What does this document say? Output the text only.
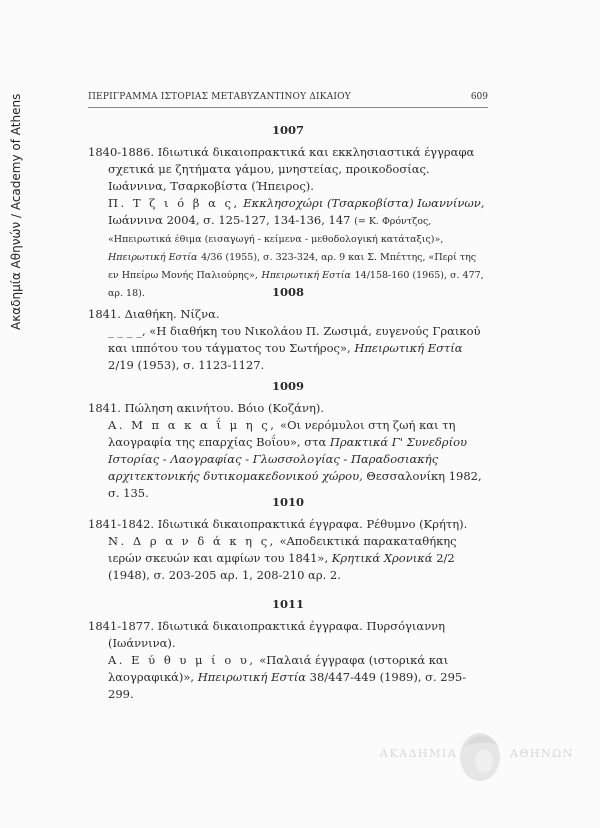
Ακαδημία Αθηνών / Academy of Athens	ΠΕΡΙΓΡΑΜΜΑ ΙΣΤΟΡΙΑΣ ΜΕΤΑΒΥΖΑΝΤΙΝΟΥ ΔΙΚΑΙΟΥ	609
1007
1840-1886. Ιδιωτικά δικαιοπρακτικά και εκκλησιαστικά έγγραφα σχετικά με ζητήματα γάμου, μνηστείας, προικοδοσίας. Ιωάννινα, Τσαρκοβίστα (Ήπειρος).
Π. Τ ζ ι ό β α ς, Εκκλησοχώρι (Τσαρκοβίστα) Ιωαννίνων, Ιωάννινα 2004, σ. 125-127, 134-136, 147 (= Κ. Φρόντζος, «Ηπειρωτικά έθιμα (εισαγωγή - κείμενα - μεθοδολογική κατάταξις)», Ηπειρωτική Εστία 4/36 (1955), σ. 323-324, αρ. 9 και Σ. Μπέττης, «Περί της εν Ηπείρω Μονής Παλιούρης», Ηπειρωτική Εστία 14/158-160 (1965), σ. 477, αρ. 18).	1008
1841. Διαθήκη. Νίζνα.
_ _ _ _, «Η διαθήκη του Νικολάου Π. Ζωσιμά, ευγενούς Γραικού και ιππότου του τάγματος του Σωτήρος», Ηπειρωτική Εστία 2/19 (1953), σ. 1123-1127.
1009
1841. Πώληση ακινήτου. Βόιο (Κοζάνη).
Α. Μ π α κ α ΐ μ η ς, «Οι νερόμυλοι στη ζωή και τη λαογραφία της επαρχίας Βοΐου», στα Πρακτικά Γ' Συνεδρίου Ιστορίας - Λαογραφίας - Γλωσσολογίας - Παραδοσιακής αρχιτεκτονικής δυτικομακεδονικού χώρου, Θεσσαλονίκη 1982, σ. 135.
1010
1841-1842. Ιδιωτικά δικαιοπρακτικά έγγραφα. Ρέθυμνο (Κρήτη).
Ν. Δ ρ α ν δ ά κ η ς, «Αποδεικτικά παρακαταθήκης ιερών σκευών και αμφίων του 1841», Κρητικά Χρονικά 2/2 (1948), σ. 203-205 αρ. 1, 208-210 αρ. 2.
1011
1841-1877. Ιδιωτικά δικαιοπρακτικά έγγραφα. Πυρσόγιαννη (Ιωάννινα).
Α. Ε ύ θ υ μ ί ο υ, «Παλαιά έγγραφα (ιστορικά και λαογραφικά)», Ηπειρωτική Εστία 38/447-449 (1989), σ. 295-299.
ΑΚΑΔΗΜΙΑ	ΑΘΗΝΩΝ
